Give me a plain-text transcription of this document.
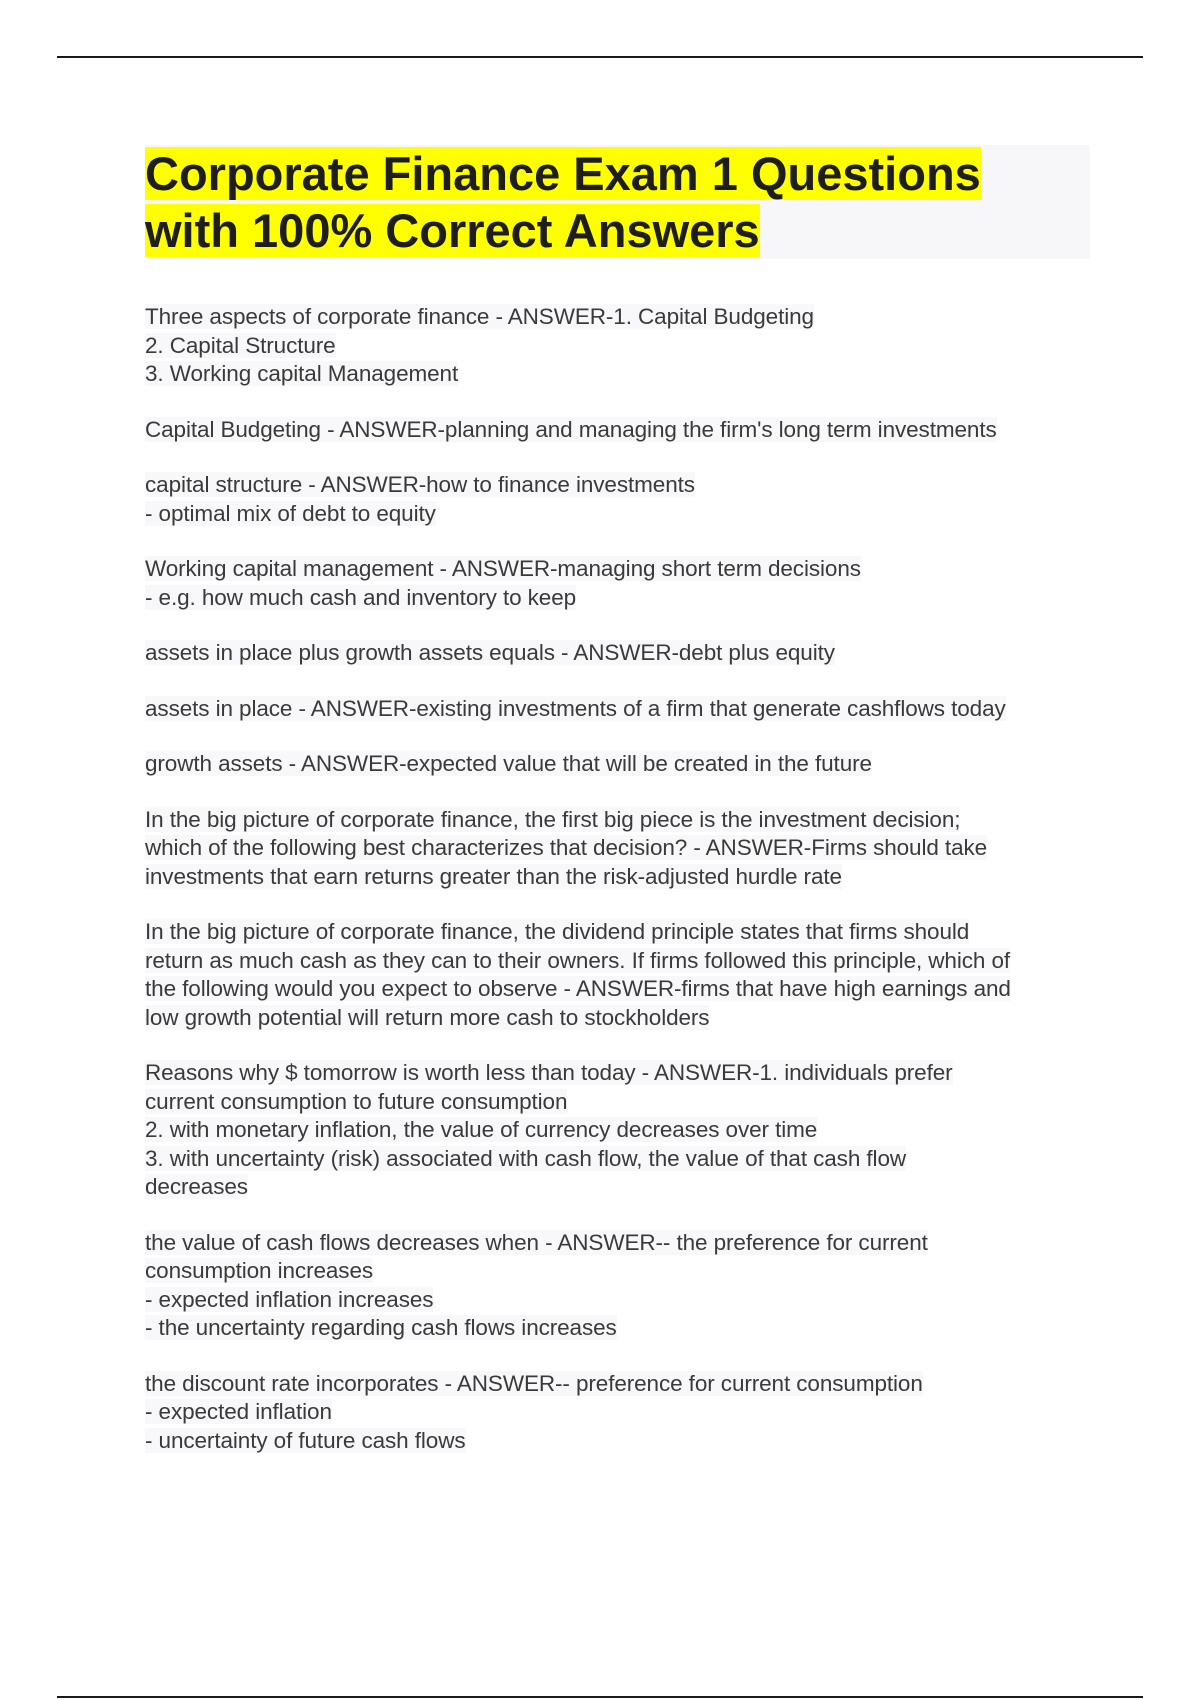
Corporate Finance Exam 1 Questions
with 100% Correct Answers
Three aspects of corporate finance - ANSWER-1. Capital Budgeting
2. Capital Structure
3. Working capital Management
Capital Budgeting - ANSWER-planning and managing the firm's long term investments
capital structure - ANSWER-how to finance investments
- optimal mix of debt to equity
Working capital management - ANSWER-managing short term decisions
- e.g. how much cash and inventory to keep
assets in place plus growth assets equals - ANSWER-debt plus equity
assets in place - ANSWER-existing investments of a firm that generate cashflows today
growth assets - ANSWER-expected value that will be created in the future
In the big picture of corporate finance, the first big piece is the investment decision;
which of the following best characterizes that decision? - ANSWER-Firms should take
investments that earn returns greater than the risk-adjusted hurdle rate
In the big picture of corporate finance, the dividend principle states that firms should
return as much cash as they can to their owners. If firms followed this principle, which of
the following would you expect to observe - ANSWER-firms that have high earnings and
low growth potential will return more cash to stockholders
Reasons why $ tomorrow is worth less than today - ANSWER-1. individuals prefer
current consumption to future consumption
2. with monetary inflation, the value of currency decreases over time
3. with uncertainty (risk) associated with cash flow, the value of that cash flow
decreases
the value of cash flows decreases when - ANSWER-- the preference for current
consumption increases
- expected inflation increases
- the uncertainty regarding cash flows increases
the discount rate incorporates - ANSWER-- preference for current consumption
- expected inflation
- uncertainty of future cash flows
